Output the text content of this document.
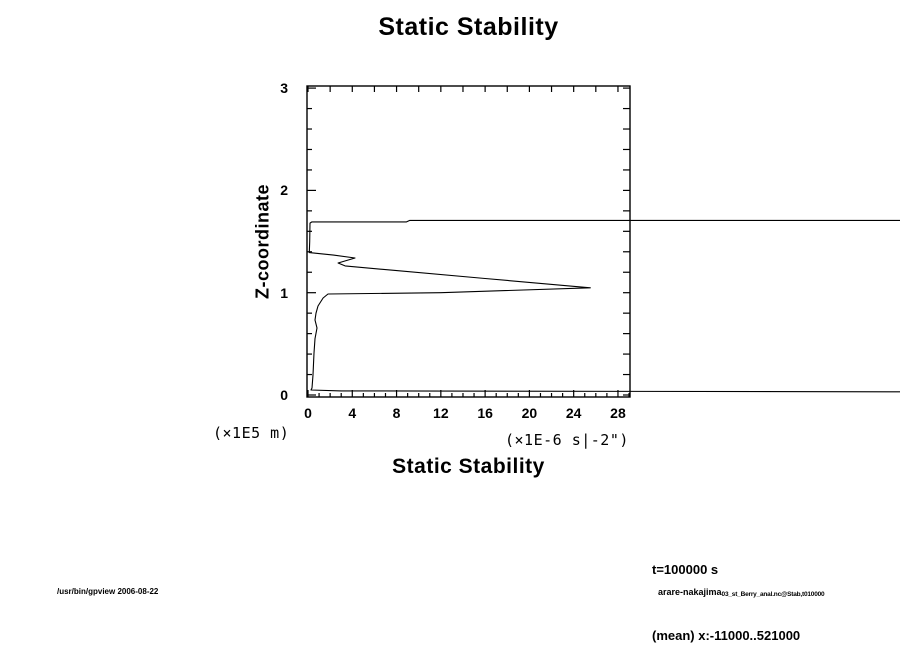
Static Stability
Z-coordinate
(×1E5 m)	(×1E-6 s|-2")
Static Stability

t=100000 s

(mean) x:-11000..521000

/usr/bin/gpview 2006-08-22	arare-nakajima03_st_Berry_anal.nc@Stab,t010000
0	4	8	12	16	20	24	28
0
1
2
3
